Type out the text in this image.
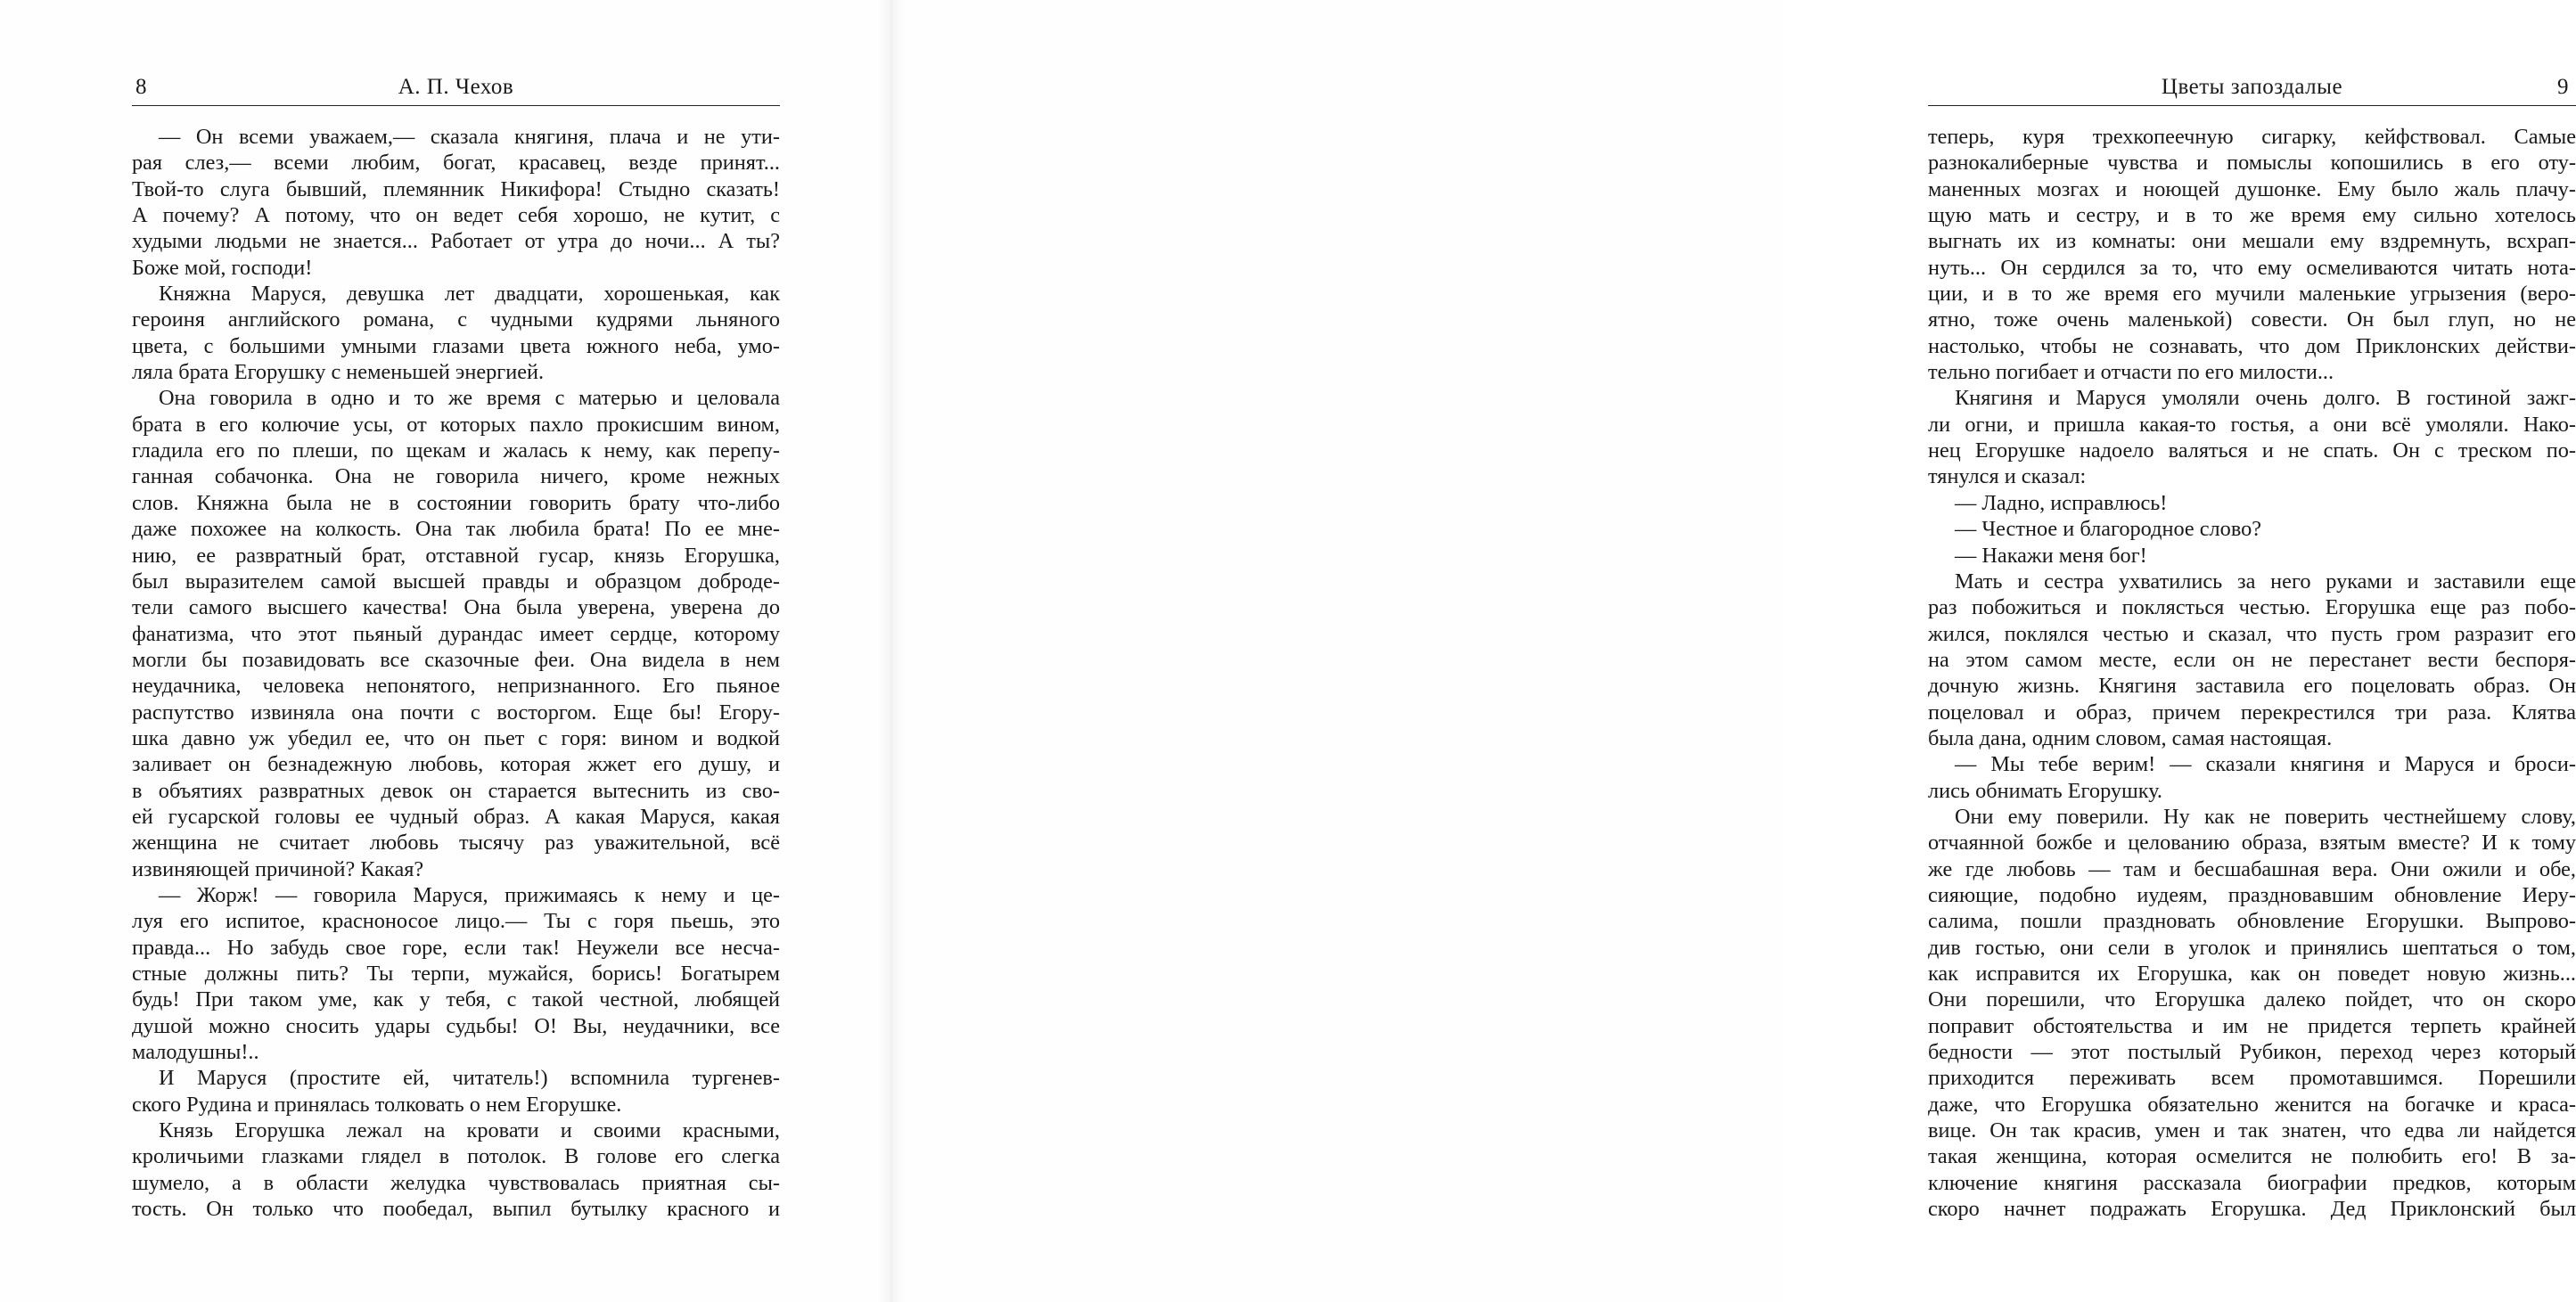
8	А. П. Чехов
— Он всеми уважаем,— сказала княгиня, плача и не ути-
рая слез,— всеми любим, богат, красавец, везде принят...
Твой-то слуга бывший, племянник Никифора! Стыдно сказать!
А почему? А потому, что он ведет себя хорошо, не кутит, с
худыми людьми не знается... Работает от утра до ночи... А ты?
Боже мой, господи!
Княжна Маруся, девушка лет двадцати, хорошенькая, как
героиня английского романа, с чудными кудрями льняного
цвета, с большими умными глазами цвета южного неба, умо-
ляла брата Егорушку с неменьшей энергией.
Она говорила в одно и то же время с матерью и целовала
брата в его колючие усы, от которых пахло прокисшим вином,
гладила его по плеши, по щекам и жалась к нему, как перепу-
ганная собачонка. Она не говорила ничего, кроме нежных
слов. Княжна была не в состоянии говорить брату что-либо
даже похожее на колкость. Она так любила брата! По ее мне-
нию, ее развратный брат, отставной гусар, князь Егорушка,
был выразителем самой высшей правды и образцом доброде-
тели самого высшего качества! Она была уверена, уверена до
фанатизма, что этот пьяный дурандас имеет сердце, которому
могли бы позавидовать все сказочные феи. Она видела в нем
неудачника, человека непонятого, непризнанного. Его пьяное
распутство извиняла она почти с восторгом. Еще бы! Егору-
шка давно уж убедил ее, что он пьет с горя: вином и водкой
заливает он безнадежную любовь, которая жжет его душу, и
в объятиях развратных девок он старается вытеснить из сво-
ей гусарской головы ее чудный образ. А какая Маруся, какая
женщина не считает любовь тысячу раз уважительной, всё
извиняющей причиной? Какая?
— Жорж! — говорила Маруся, прижимаясь к нему и це-
луя его испитое, красноносое лицо.— Ты с горя пьешь, это
правда... Но забудь свое горе, если так! Неужели все несча-
стные должны пить? Ты терпи, мужайся, борись! Богатырем
будь! При таком уме, как у тебя, с такой честной, любящей
душой можно сносить удары судьбы! О! Вы, неудачники, все
малодушны!..
И Маруся (простите ей, читатель!) вспомнила тургенев-
ского Рудина и принялась толковать о нем Егорушке.
Князь Егорушка лежал на кровати и своими красными,
кроличьими глазками глядел в потолок. В голове его слегка
шумело, а в области желудка чувствовалась приятная сы-
тость. Он только что пообедал, выпил бутылку красного и
Цветы запоздалые	9
теперь, куря трехкопеечную сигарку, кейфствовал. Самые
разнокалиберные чувства и помыслы копошились в его оту-
маненных мозгах и ноющей душонке. Ему было жаль плачу-
щую мать и сестру, и в то же время ему сильно хотелось
выгнать их из комнаты: они мешали ему вздремнуть, всхрап-
нуть... Он сердился за то, что ему осмеливаются читать нота-
ции, и в то же время его мучили маленькие угрызения (веро-
ятно, тоже очень маленькой) совести. Он был глуп, но не
настолько, чтобы не сознавать, что дом Приклонских действи-
тельно погибает и отчасти по его милости...
Княгиня и Маруся умоляли очень долго. В гостиной зажг-
ли огни, и пришла какая-то гостья, а они всё умоляли. Нако-
нец Егорушке надоело валяться и не спать. Он с треском по-
тянулся и сказал:
— Ладно, исправлюсь!
— Честное и благородное слово?
— Накажи меня бог!
Мать и сестра ухватились за него руками и заставили еще
раз побожиться и поклясться честью. Егорушка еще раз побо-
жился, поклялся честью и сказал, что пусть гром разразит его
на этом самом месте, если он не перестанет вести беспоря-
дочную жизнь. Княгиня заставила его поцеловать образ. Он
поцеловал и образ, причем перекрестился три раза. Клятва
была дана, одним словом, самая настоящая.
— Мы тебе верим! — сказали княгиня и Маруся и броси-
лись обнимать Егорушку.
Они ему поверили. Ну как не поверить честнейшему слову,
отчаянной божбе и целованию образа, взятым вместе? И к тому
же где любовь — там и бесшабашная вера. Они ожили и обе,
сияющие, подобно иудеям, праздновавшим обновление Иеру-
салима, пошли праздновать обновление Егорушки. Выпрово-
див гостью, они сели в уголок и принялись шептаться о том,
как исправится их Егорушка, как он поведет новую жизнь...
Они порешили, что Егорушка далеко пойдет, что он скоро
поправит обстоятельства и им не придется терпеть крайней
бедности — этот постылый Рубикон, переход через который
приходится переживать всем промотавшимся. Порешили
даже, что Егорушка обязательно женится на богачке и краса-
вице. Он так красив, умен и так знатен, что едва ли найдется
такая женщина, которая осмелится не полюбить его! В за-
ключение княгиня рассказала биографии предков, которым
скоро начнет подражать Егорушка. Дед Приклонский был
